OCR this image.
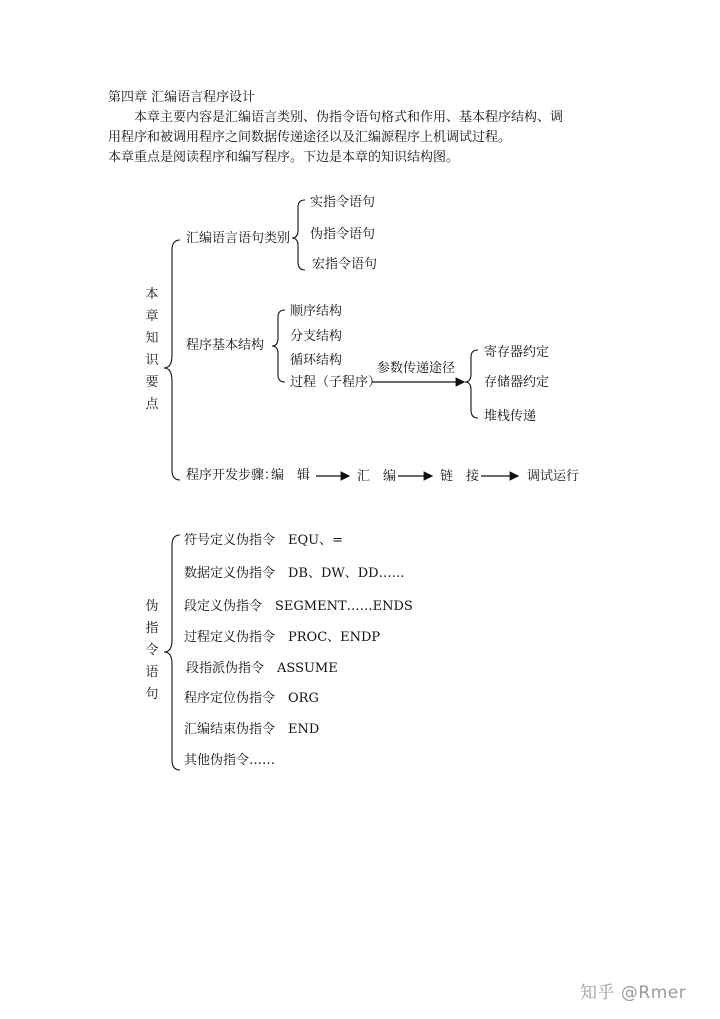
第四章 汇编语言程序设计
本章主要内容是汇编语言类别、伪指令语句格式和作用、基本程序结构、调
用程序和被调用程序之间数据传递途径以及汇编源程序上机调试过程。
本章重点是阅读程序和编写程序。下边是本章的知识结构图。
本
章
知
识
要
点
汇编语言语句类别
实指令语句
伪指令语句
宏指令语句
程序基本结构
顺序结构
分支结构
循环结构
过程（子程序）
参数传递途径
寄存器约定
存储器约定
堆栈传递
程序开发步骤：
编　辑	汇　编	链　接	调试运行
伪
指
令
语
句
符号定义伪指令　EQU、=
数据定义伪指令　DB、DW、DD……
段定义伪指令　SEGMENT……ENDS
过程定义伪指令　PROC、ENDP
段指派伪指令　ASSUME
程序定位伪指令　ORG
汇编结束伪指令　END
其他伪指令……
知乎 @Rmer
